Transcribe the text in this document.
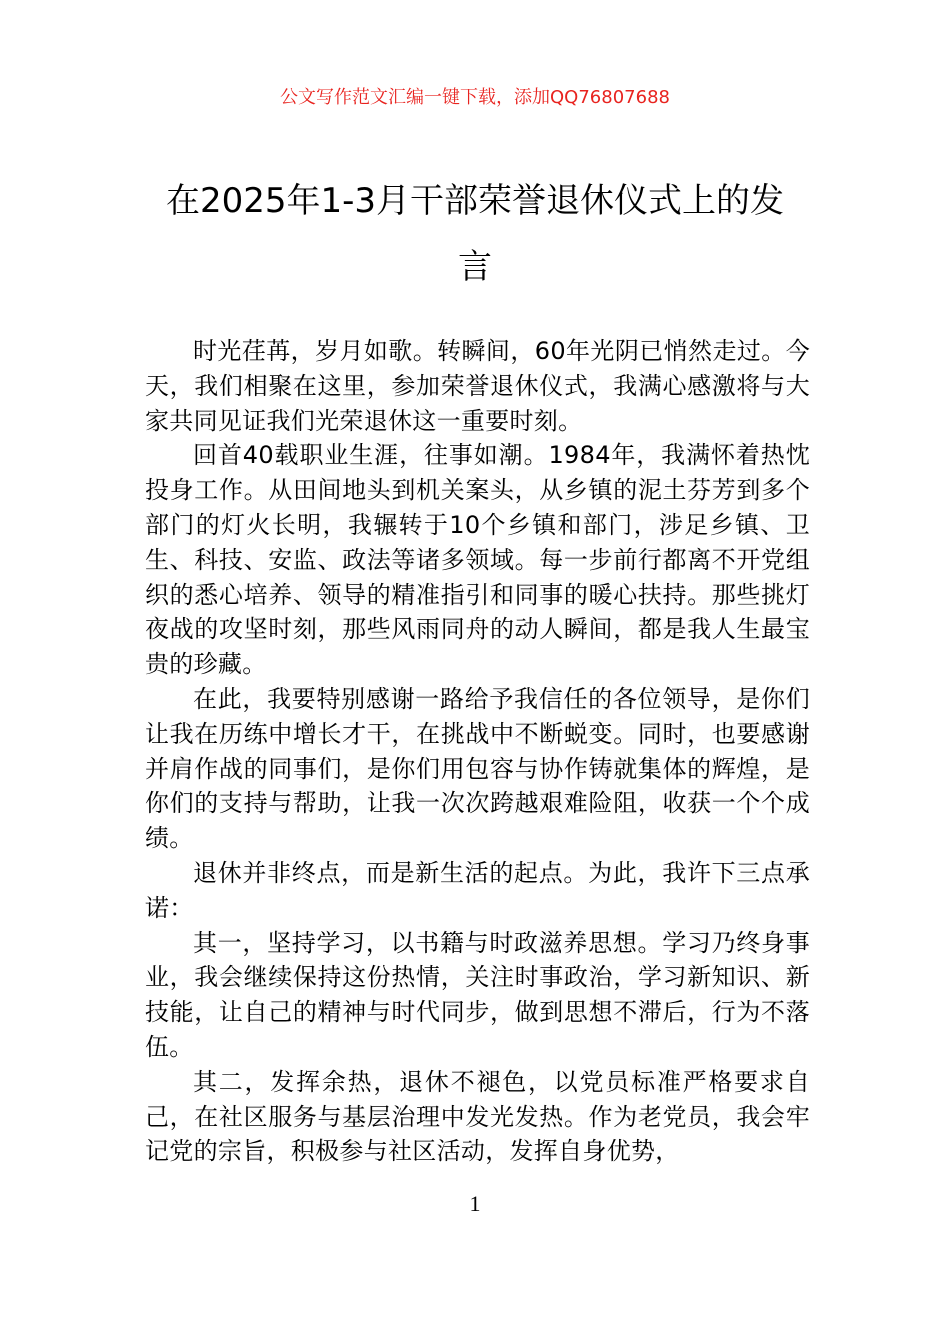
公文写作范文汇编一键下载，添加QQ76807688
在2025年1-3月干部荣誉退休仪式上的发言

时光荏苒，岁月如歌。转瞬间，60年光阴已悄然走过。今天，我们相聚在这里，参加荣誉退休仪式，我满心感激将与大家共同见证我们光荣退休这一重要时刻。

回首40载职业生涯，往事如潮。1984年，我满怀着热忱投身工作。从田间地头到机关案头，从乡镇的泥土芬芳到多个部门的灯火长明，我辗转于10个乡镇和部门，涉足乡镇、卫生、科技、安监、政法等诸多领域。每一步前行都离不开党组织的悉心培养、领导的精准指引和同事的暖心扶持。那些挑灯夜战的攻坚时刻，那些风雨同舟的动人瞬间，都是我人生最宝贵的珍藏。

在此，我要特别感谢一路给予我信任的各位领导，是你们让我在历练中增长才干，在挑战中不断蜕变。同时，也要感谢并肩作战的同事们，是你们用包容与协作铸就集体的辉煌，是你们的支持与帮助，让我一次次跨越艰难险阻，收获一个个成绩。

退休并非终点，而是新生活的起点。为此，我许下三点承诺：

其一，坚持学习，以书籍与时政滋养思想。学习乃终身事业，我会继续保持这份热情，关注时事政治，学习新知识、新技能，让自己的精神与时代同步，做到思想不滞后，行为不落伍。

其二，发挥余热，退休不褪色，以党员标准严格要求自己，在社区服务与基层治理中发光发热。作为老党员，我会牢记党的宗旨，积极参与社区活动，发挥自身优势，

1
